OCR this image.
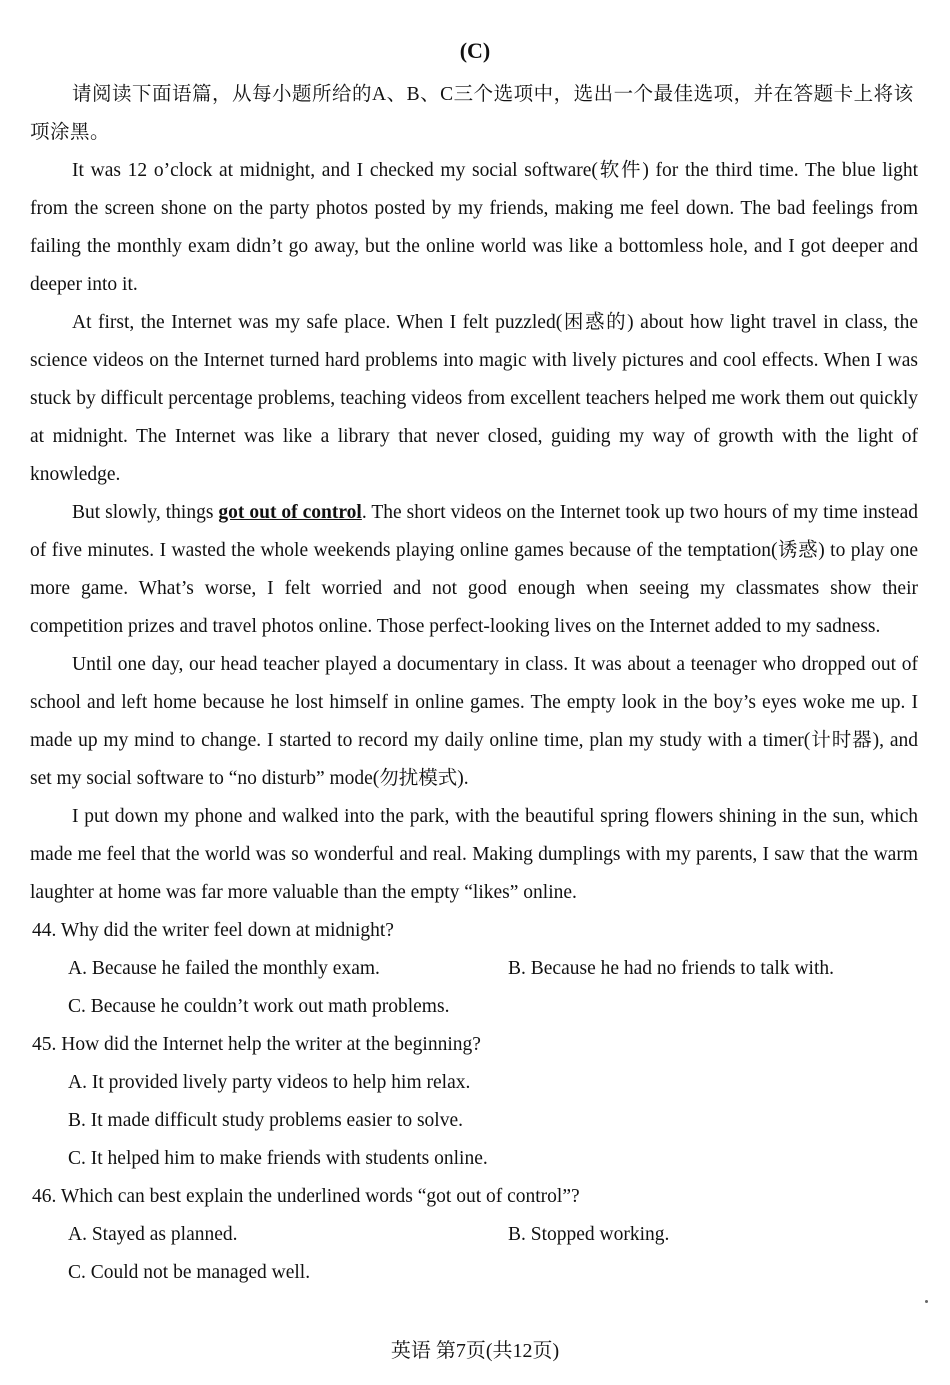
(C)

请阅读下面语篇，从每小题所给的A、B、C三个选项中，选出一个最佳选项，并在答题卡上将该项涂黑。

It was 12 o’clock at midnight, and I checked my social software(软件) for the third time. The blue light from the screen shone on the party photos posted by my friends, making me feel down. The bad feelings from failing the monthly exam didn’t go away, but the online world was like a bottomless hole, and I got deeper and deeper into it.

At first, the Internet was my safe place. When I felt puzzled(困惑的) about how light travel in class, the science videos on the Internet turned hard problems into magic with lively pictures and cool effects. When I was stuck by difficult percentage problems, teaching videos from excellent teachers helped me work them out quickly at midnight. The Internet was like a library that never closed, guiding my way of growth with the light of knowledge.

But slowly, things got out of control. The short videos on the Internet took up two hours of my time instead of five minutes. I wasted the whole weekends playing online games because of the temptation(诱惑) to play one more game. What’s worse, I felt worried and not good enough when seeing my classmates show their competition prizes and travel photos online. Those perfect-looking lives on the Internet added to my sadness.

Until one day, our head teacher played a documentary in class. It was about a teenager who dropped out of school and left home because he lost himself in online games. The empty look in the boy’s eyes woke me up. I made up my mind to change. I started to record my daily online time, plan my study with a timer(计时器), and set my social software to “no disturb” mode(勿扰模式).

I put down my phone and walked into the park, with the beautiful spring flowers shining in the sun, which made me feel that the world was so wonderful and real. Making dumplings with my parents, I saw that the warm laughter at home was far more valuable than the empty “likes” online.

44. Why did the writer feel down at midnight?
A. Because he failed the monthly exam.	B. Because he had no friends to talk with.
C. Because he couldn’t work out math problems.
45. How did the Internet help the writer at the beginning?
A. It provided lively party videos to help him relax.
B. It made difficult study problems easier to solve.
C. It helped him to make friends with students online.
46. Which can best explain the underlined words “got out of control”?
A. Stayed as planned.	B. Stopped working.
C. Could not be managed well.
英语 第7页(共12页)
